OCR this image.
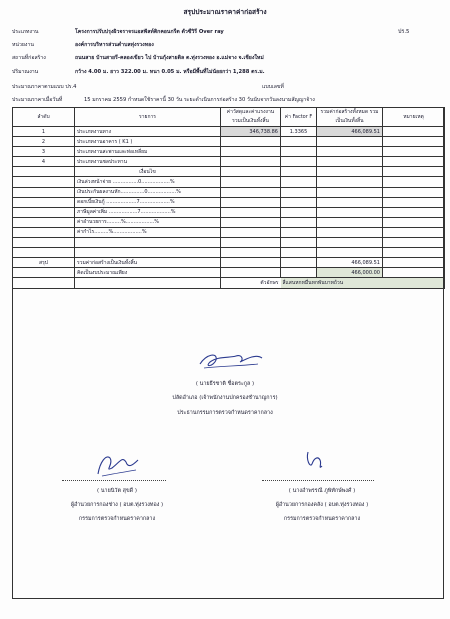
สรุปประมาณราคาค่าก่อสร้าง
ปร.5
ประเภทงาน	โครงการปรับปรุงผิวจราจรแอสฟัลท์ติกคอนกรีต ตัวซีวิรี Over ray
หน่วยงาน	องค์การบริหารส่วนตำบลทุ่งรวงทอง
สถานที่ก่อสร้าง	ถนนสาย บ้านสายรี-คลองเขียว ไป บ้านกุ้งสายดิล ต.ทุ่งรวงทอง อ.แม่จาง จ.เชียงใหม่
ปริมาณงาน	กว้าง 4.00 ม. ยาว 322.00 ม. หนา 0.05 ม. หรือมีพื้นที่ไม่น้อยกว่า 1,288 ตร.ม.
ประมาณราคาตามแบบ ปร.4	แบบเลขที่
ประมาณราคาเมื่อวันที่	15 มกราคม 2559 กำหนดใช้ราคานี้ 30 วัน ระยะดำเนินการก่อสร้าง 30 วันนับจากวันลงนามสัญญาจ้าง
ลำดับ	รายการ	ค่าวัสดุและค่าแรงงาน รวมเป็นเงินทั้งสิ้น	ค่า Factor F	รวมค่าก่อสร้างทั้งหมด รวมเป็นเงินทั้งสิ้น	หมายเหตุ

1	ประเภทงานทาง	346,738.86	1.3365	466,089.51	
2	ประเภทงานอาคาร ( K1 )				
3	ประเภทงานสะพานและท่อเหลี่ยม				
4	ประเภทงานชลประทาน				
	เงื่อนไข				
	เงินล่วงหน้าจ่าย ................0..................%				
	เงินประกันผลงานหัก...............0..................%				
	ดอกเบี้ยเงินกู้ ...................7...................%				
	ภาษีมูลค่าเพิ่ม ..................7...................%				
	ค่าอำนวยการ.........%..................%				
	ค่ากำไร.........%..................%				

สรุป	รวมค่าก่อสร้างเป็นเงินทั้งสิ้น			466,089.51	
	คิดเป็นงบประมาณเพียง			466,000.00	
		ตัวอักษร	สี่แสนหกหมื่นหกพันบาทถ้วน		
( นายธีรชาติ ชื่อตระกูล )
ปลัดอำเภอ (เจ้าพนักงานปกครองชำนาญการ)
ประธานกรรมการตรวจกำหนดราคากลาง
( นายนิวัต สุขดี )
ผู้อำนวยการกองช่าง ( อบต.ทุ่งรวงทอง )
กรรมการตรวจกำหนดราคากลาง
( นางอำพรรณี ภูพิทักษ์พงศ์ )
ผู้อำนวยการกองคลัง ( อบต.ทุ่งรวงทอง )
กรรมการตรวจกำหนดราคากลาง
